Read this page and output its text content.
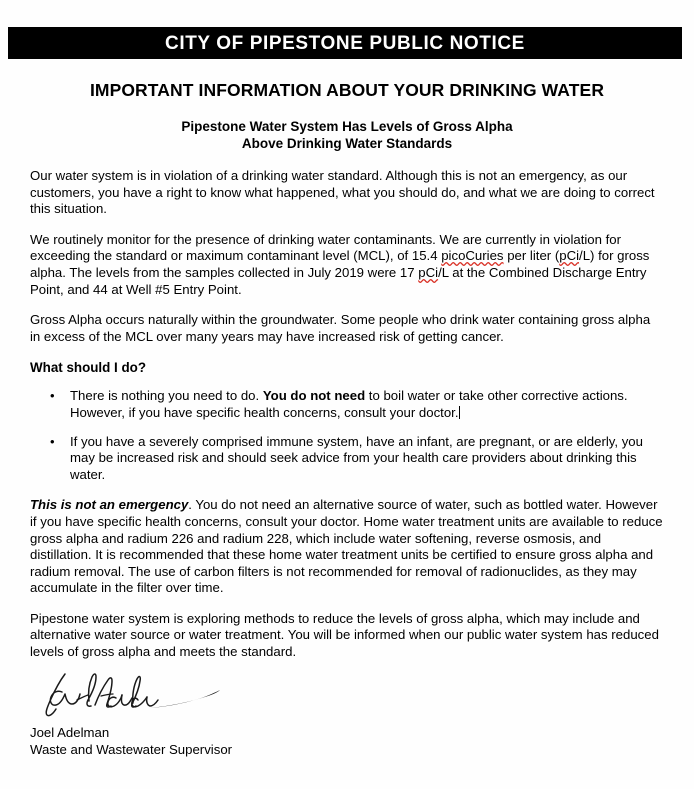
CITY OF PIPESTONE PUBLIC NOTICE
IMPORTANT INFORMATION ABOUT YOUR DRINKING WATER
Pipestone Water System Has Levels of Gross Alpha
Above Drinking Water Standards

Our water system is in violation of a drinking water standard. Although this is not an emergency, as our customers, you have a right to know what happened, what you should do, and what we are doing to correct this situation.

We routinely monitor for the presence of drinking water contaminants. We are currently in violation for exceeding the standard or maximum contaminant level (MCL), of 15.4 picoCuries per liter (pCi/L) for gross alpha. The levels from the samples collected in July 2019 were 17 pCi/L at the Combined Discharge Entry Point, and 44 at Well #5 Entry Point.

Gross Alpha occurs naturally within the groundwater. Some people who drink water containing gross alpha in excess of the MCL over many years may have increased risk of getting cancer.

What should I do?
• There is nothing you need to do. You do not need to boil water or take other corrective actions. However, if you have specific health concerns, consult your doctor.
• If you have a severely comprised immune system, have an infant, are pregnant, or are elderly, you may be increased risk and should seek advice from your health care providers about drinking this water.

This is not an emergency. You do not need an alternative source of water, such as bottled water. However if you have specific health concerns, consult your doctor. Home water treatment units are available to reduce gross alpha and radium 226 and radium 228, which include water softening, reverse osmosis, and distillation. It is recommended that these home water treatment units be certified to ensure gross alpha and radium removal. The use of carbon filters is not recommended for removal of radionuclides, as they may accumulate in the filter over time.

Pipestone water system is exploring methods to reduce the levels of gross alpha, which may include and alternative water source or water treatment. You will be informed when our public water system has reduced levels of gross alpha and meets the standard.

Joel Adelman
Waste and Wastewater Supervisor
